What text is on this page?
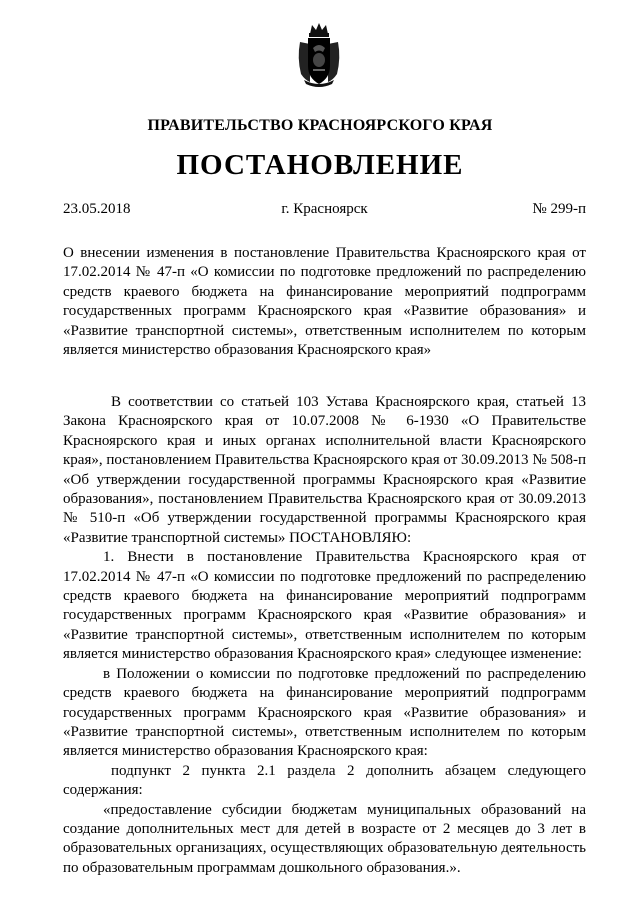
ПРАВИТЕЛЬСТВО КРАСНОЯРСКОГО КРАЯ
ПОСТАНОВЛЕНИЕ
23.05.2018	г. Красноярск	№ 299-п

О внесении изменения в постановление Правительства Красноярского края от 17.02.2014 № 47-п «О комиссии по подготовке предложений по распределению средств краевого бюджета на финансирование мероприятий подпрограмм государственных программ Красноярского края «Развитие образования» и «Развитие транспортной системы», ответственным исполнителем по которым является министерство образования Красноярского края»

В соответствии со статьей 103 Устава Красноярского края, статьей 13 Закона Красноярского края от 10.07.2008 № 6-1930 «О Правительстве Красноярского края и иных органах исполнительной власти Красноярского края», постановлением Правительства Красноярского края от 30.09.2013 № 508-п «Об утверждении государственной программы Красноярского края «Развитие образования», постановлением Правительства Красноярского края от 30.09.2013 № 510-п «Об утверждении государственной программы Красноярского края «Развитие транспортной системы» ПОСТАНОВЛЯЮ:

1. Внести в постановление Правительства Красноярского края от 17.02.2014 № 47-п «О комиссии по подготовке предложений по распределению средств краевого бюджета на финансирование мероприятий подпрограмм государственных программ Красноярского края «Развитие образования» и «Развитие транспортной системы», ответственным исполнителем по которым является министерство образования Красноярского края» следующее изменение:

в Положении о комиссии по подготовке предложений по распределению средств краевого бюджета на финансирование мероприятий подпрограмм государственных программ Красноярского края «Развитие образования» и «Развитие транспортной системы», ответственным исполнителем по которым является министерство образования Красноярского края:

подпункт 2 пункта 2.1 раздела 2 дополнить абзацем следующего содержания:

«предоставление субсидии бюджетам муниципальных образований на создание дополнительных мест для детей в возрасте от 2 месяцев до 3 лет в образовательных организациях, осуществляющих образовательную деятельность по образовательным программам дошкольного образования.».
